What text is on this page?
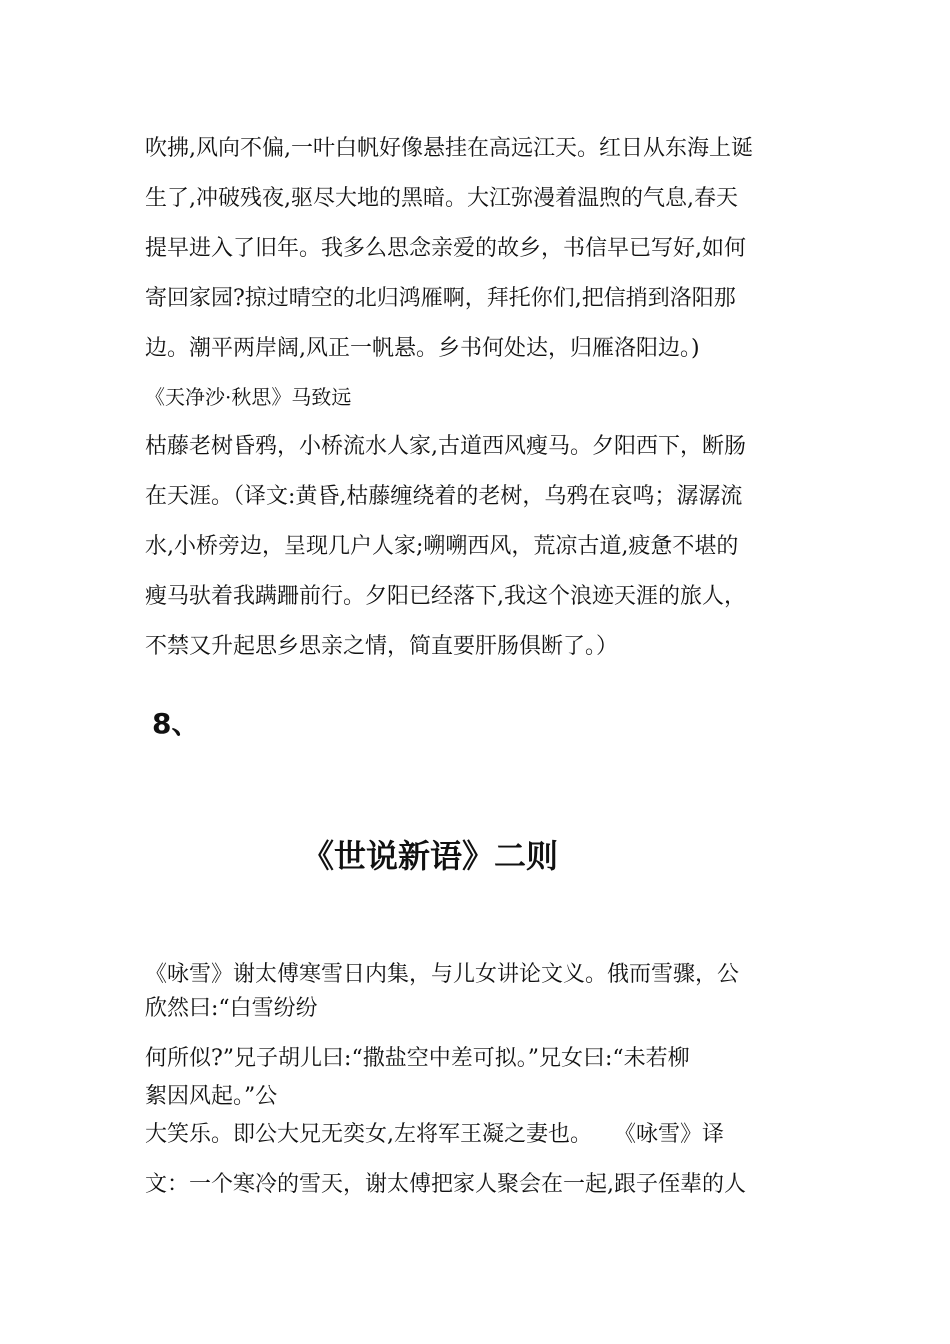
吹拂,风向不偏,一叶白帆好像悬挂在高远江天。红日从东海上诞
生了,冲破残夜,驱尽大地的黑暗。大江弥漫着温煦的气息,春天
提早进入了旧年。我多么思念亲爱的故乡，书信早已写好,如何
寄回家园?掠过晴空的北归鸿雁啊，拜托你们,把信捎到洛阳那
边。潮平两岸阔,风正一帆悬。乡书何处达，归雁洛阳边。)
《天净沙·秋思》马致远
枯藤老树昏鸦，小桥流水人家,古道西风瘦马。夕阳西下，断肠
在天涯。（译文:黄昏,枯藤缠绕着的老树，乌鸦在哀鸣；潺潺流
水,小桥旁边，呈现几户人家;嗍嗍西风，荒凉古道,疲惫不堪的
瘦马驮着我蹒跚前行。夕阳已经落下,我这个浪迹天涯的旅人，
不禁又升起思乡思亲之情，简直要肝肠俱断了。）
8、
《世说新语》二则
《咏雪》谢太傅寒雪日内集，与儿女讲论文义。俄而雪骤，公
欣然曰:“白雪纷纷
何所似?”兄子胡儿曰:“撒盐空中差可拟。”兄女曰:“未若柳
絮因风起。”公
大笑乐。即公大兄无奕女,左将军王凝之妻也。　　《咏雪》译
文：一个寒冷的雪天，谢太傅把家人聚会在一起,跟子侄辈的人
